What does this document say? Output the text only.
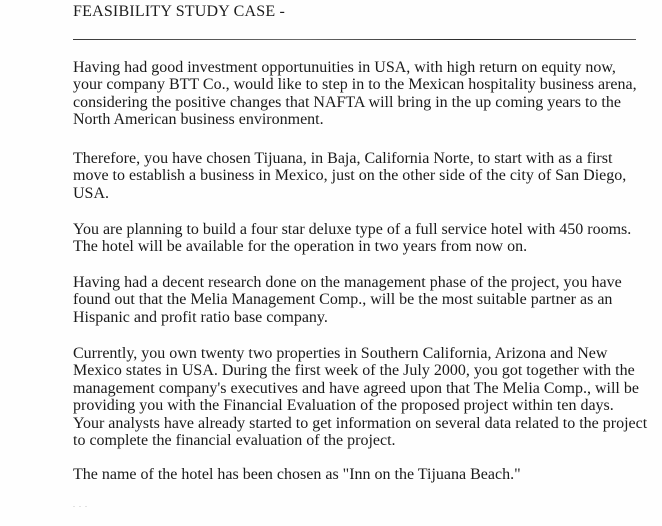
FEASIBILITY STUDY CASE -

Having had good investment opportunuities in USA, with high return on equity now,
your company BTT Co., would like to step in to the Mexican hospitality business arena,
considering the positive changes that NAFTA will bring in the up coming years to the
North American business environment.

Therefore, you have chosen Tijuana, in Baja, California Norte, to start with as a first
move to establish a business in Mexico, just on the other side of the city of San Diego,
USA.

You are planning to build a four star deluxe type of a full service hotel with 450 rooms.
The hotel will be available for the operation in two years from now on.

Having had a decent research done on the management phase of the project, you have
found out that the Melia Management Comp., will be the most suitable partner as an
Hispanic and profit ratio base company.

Currently, you own twenty two properties in Southern California, Arizona and New
Mexico states in USA. During the first week of the July 2000, you got together with the
management company's executives and have agreed upon that The Melia Comp., will be
providing you with the Financial Evaluation of the proposed project within ten days.
Your analysts have already started to get information on several data related to the project
to complete the financial evaluation of the project.

The name of the hotel has been chosen as "Inn on the Tijuana Beach."

. . .
